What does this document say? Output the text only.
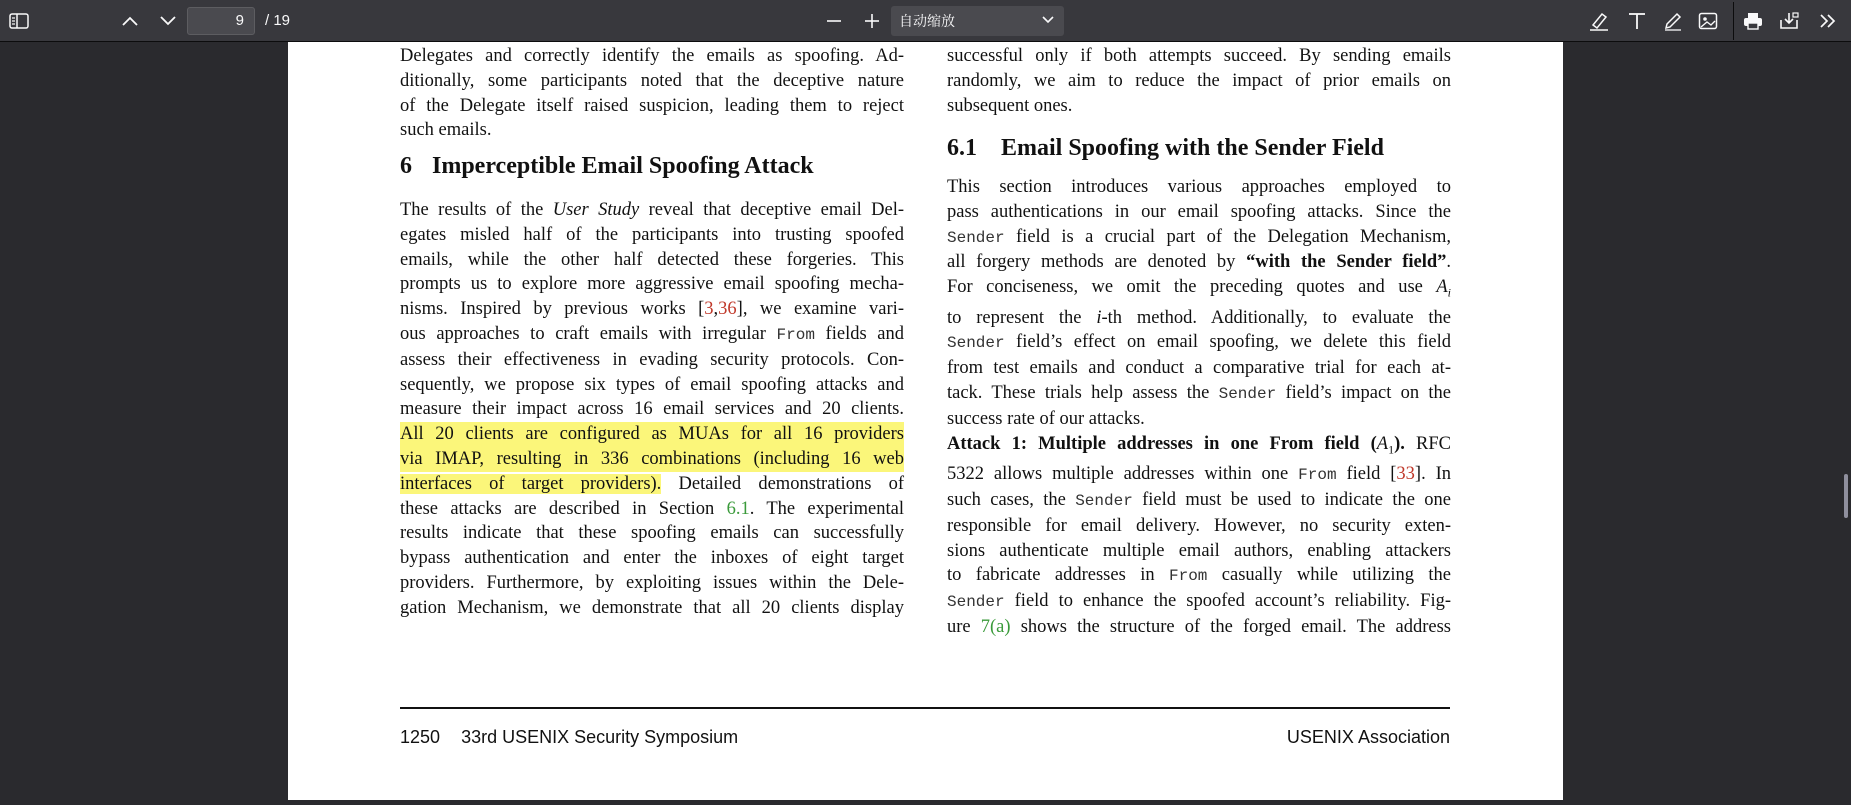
9	/ 19	自动缩放

Delegates and correctly identify the emails as spoofing. Ad-
ditionally, some participants noted that the deceptive nature
of the Delegate itself raised suspicion, leading them to reject
such emails.

6 Imperceptible Email Spoofing Attack

The results of the User Study reveal that deceptive email Del-
egates misled half of the participants into trusting spoofed
emails, while the other half detected these forgeries. This
prompts us to explore more aggressive email spoofing mecha-
nisms. Inspired by previous works [3,36], we examine vari-
ous approaches to craft emails with irregular From fields and
assess their effectiveness in evading security protocols. Con-
sequently, we propose six types of email spoofing attacks and
measure their impact across 16 email services and 20 clients.
All 20 clients are configured as MUAs for all 16 providers
via IMAP, resulting in 336 combinations (including 16 web
interfaces of target providers). Detailed demonstrations of
these attacks are described in Section 6.1. The experimental
results indicate that these spoofing emails can successfully
bypass authentication and enter the inboxes of eight target
providers. Furthermore, by exploiting issues within the Dele-
gation Mechanism, we demonstrate that all 20 clients display

successful only if both attempts succeed. By sending emails
randomly, we aim to reduce the impact of prior emails on
subsequent ones.

6.1 Email Spoofing with the Sender Field

This section introduces various approaches employed to
pass authentications in our email spoofing attacks. Since the
Sender field is a crucial part of the Delegation Mechanism,
all forgery methods are denoted by “with the Sender field”.
For conciseness, we omit the preceding quotes and use $A_i$
to represent the i-th method. Additionally, to evaluate the
Sender field’s effect on email spoofing, we delete this field
from test emails and conduct a comparative trial for each at-
tack. These trials help assess the Sender field’s impact on the
success rate of our attacks.

Attack 1: Multiple addresses in one From field $(A_1)$. RFC
5322 allows multiple addresses within one From field [33]. In
such cases, the Sender field must be used to indicate the one
responsible for email delivery. However, no security exten-
sions authenticate multiple email authors, enabling attackers
to fabricate addresses in From casually while utilizing the
Sender field to enhance the spoofed account’s reliability. Fig-
ure 7(a) shows the structure of the forged email. The address

1250 33rd USENIX Security Symposium	USENIX Association
